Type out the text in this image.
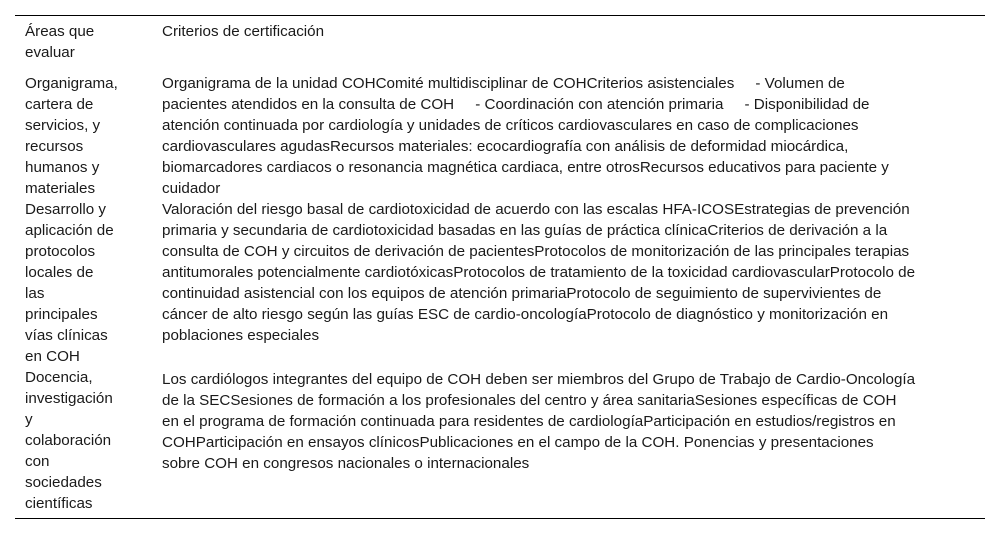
Áreas que
evaluar
Criterios de certificación
Organigrama,
cartera de
servicios, y
recursos
humanos y
materiales
Organigrama de la unidad COHComité multidisciplinar de COHCriterios asistenciales     - Volumen de
pacientes atendidos en la consulta de COH     - Coordinación con atención primaria     - Disponibilidad de
atención continuada por cardiología y unidades de críticos cardiovasculares en caso de complicaciones
cardiovasculares agudasRecursos materiales: ecocardiografía con análisis de deformidad miocárdica,
biomarcadores cardiacos o resonancia magnética cardiaca, entre otrosRecursos educativos para paciente y
cuidador
Desarrollo y
aplicación de
protocolos
locales de
las
principales
vías clínicas
en COH
Valoración del riesgo basal de cardiotoxicidad de acuerdo con las escalas HFA-ICOSEstrategias de prevención
primaria y secundaria de cardiotoxicidad basadas en las guías de práctica clínicaCriterios de derivación a la
consulta de COH y circuitos de derivación de pacientesProtocolos de monitorización de las principales terapias
antitumorales potencialmente cardiotóxicasProtocolos de tratamiento de la toxicidad cardiovascularProtocolo de
continuidad asistencial con los equipos de atención primariaProtocolo de seguimiento de supervivientes de
cáncer de alto riesgo según las guías ESC de cardio-oncologíaProtocolo de diagnóstico y monitorización en
poblaciones especiales
Docencia,
investigación
y
colaboración
con
sociedades
científicas
Los cardiólogos integrantes del equipo de COH deben ser miembros del Grupo de Trabajo de Cardio-Oncología
de la SECSesiones de formación a los profesionales del centro y área sanitariaSesiones específicas de COH
en el programa de formación continuada para residentes de cardiologíaParticipación en estudios/registros en
COHParticipación en ensayos clínicosPublicaciones en el campo de la COH. Ponencias y presentaciones
sobre COH en congresos nacionales o internacionales
